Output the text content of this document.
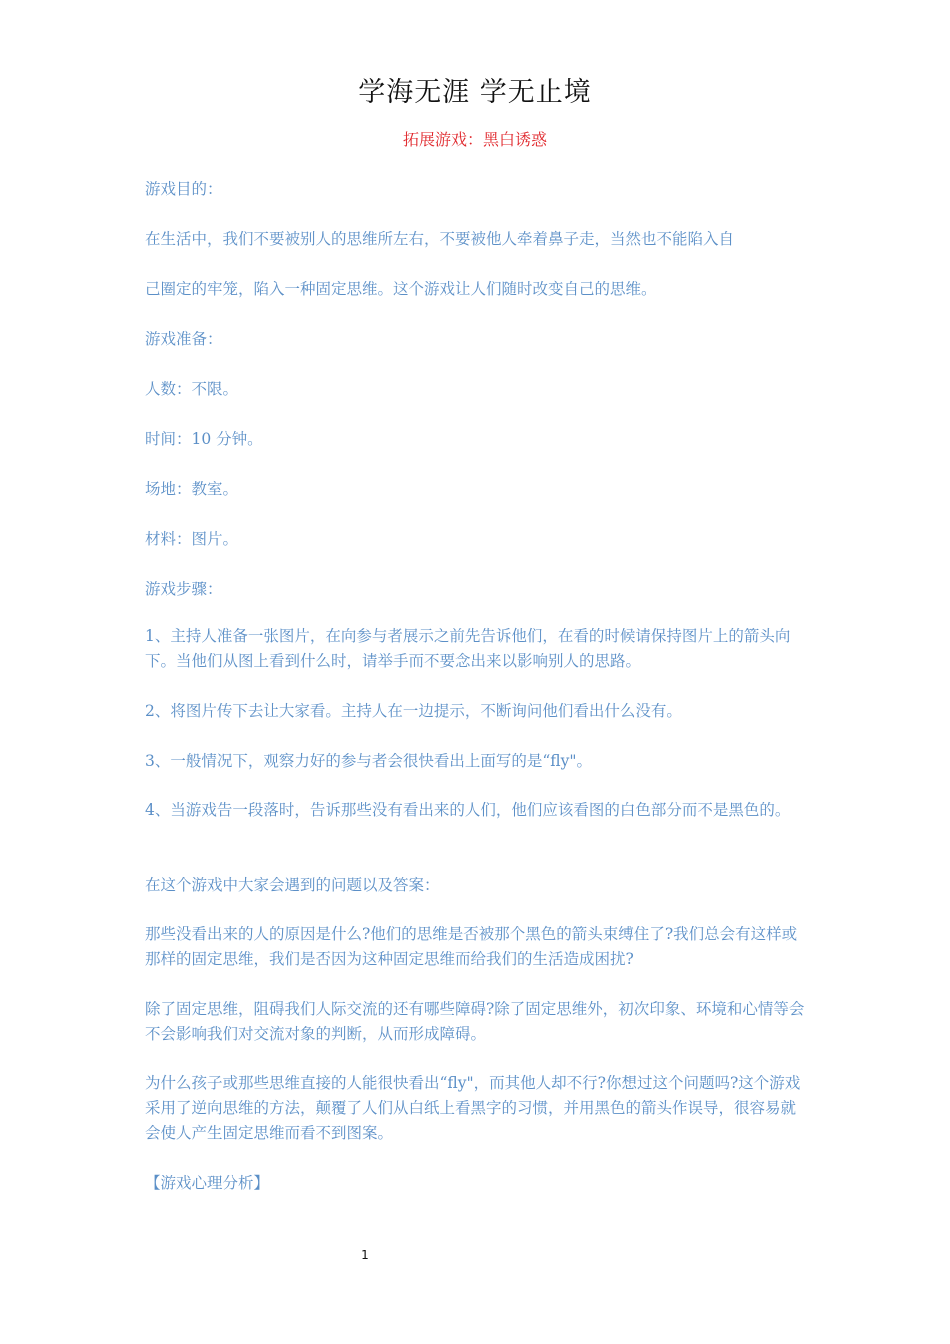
学海无涯 学无止境
拓展游戏：黑白诱惑
游戏目的：
在生活中，我们不要被别人的思维所左右，不要被他人牵着鼻子走，当然也不能陷入自
己圈定的牢笼，陷入一种固定思维。这个游戏让人们随时改变自己的思维。
游戏准备：
人数：不限。
时间：10 分钟。
场地：教室。
材料：图片。
游戏步骤：
1、主持人准备一张图片，在向参与者展示之前先告诉他们，在看的时候请保持图片上的箭头向下。当他们从图上看到什么时，请举手而不要念出来以影响别人的思路。
2、将图片传下去让大家看。主持人在一边提示，不断询问他们看出什么没有。
3、一般情况下，观察力好的参与者会很快看出上面写的是“fly"。
4、当游戏告一段落时，告诉那些没有看出来的人们，他们应该看图的白色部分而不是黑色的。
在这个游戏中大家会遇到的问题以及答案：
那些没看出来的人的原因是什么?他们的思维是否被那个黑色的箭头束缚住了?我们总会有这样或那样的固定思维，我们是否因为这种固定思维而给我们的生活造成困扰?
除了固定思维，阻碍我们人际交流的还有哪些障碍?除了固定思维外，初次印象、环境和心情等会不会影响我们对交流对象的判断，从而形成障碍。
为什么孩子或那些思维直接的人能很快看出“fly"，而其他人却不行?你想过这个问题吗?这个游戏采用了逆向思维的方法，颠覆了人们从白纸上看黑字的习惯，并用黑色的箭头作误导，很容易就会使人产生固定思维而看不到图案。
【游戏心理分析】
1
